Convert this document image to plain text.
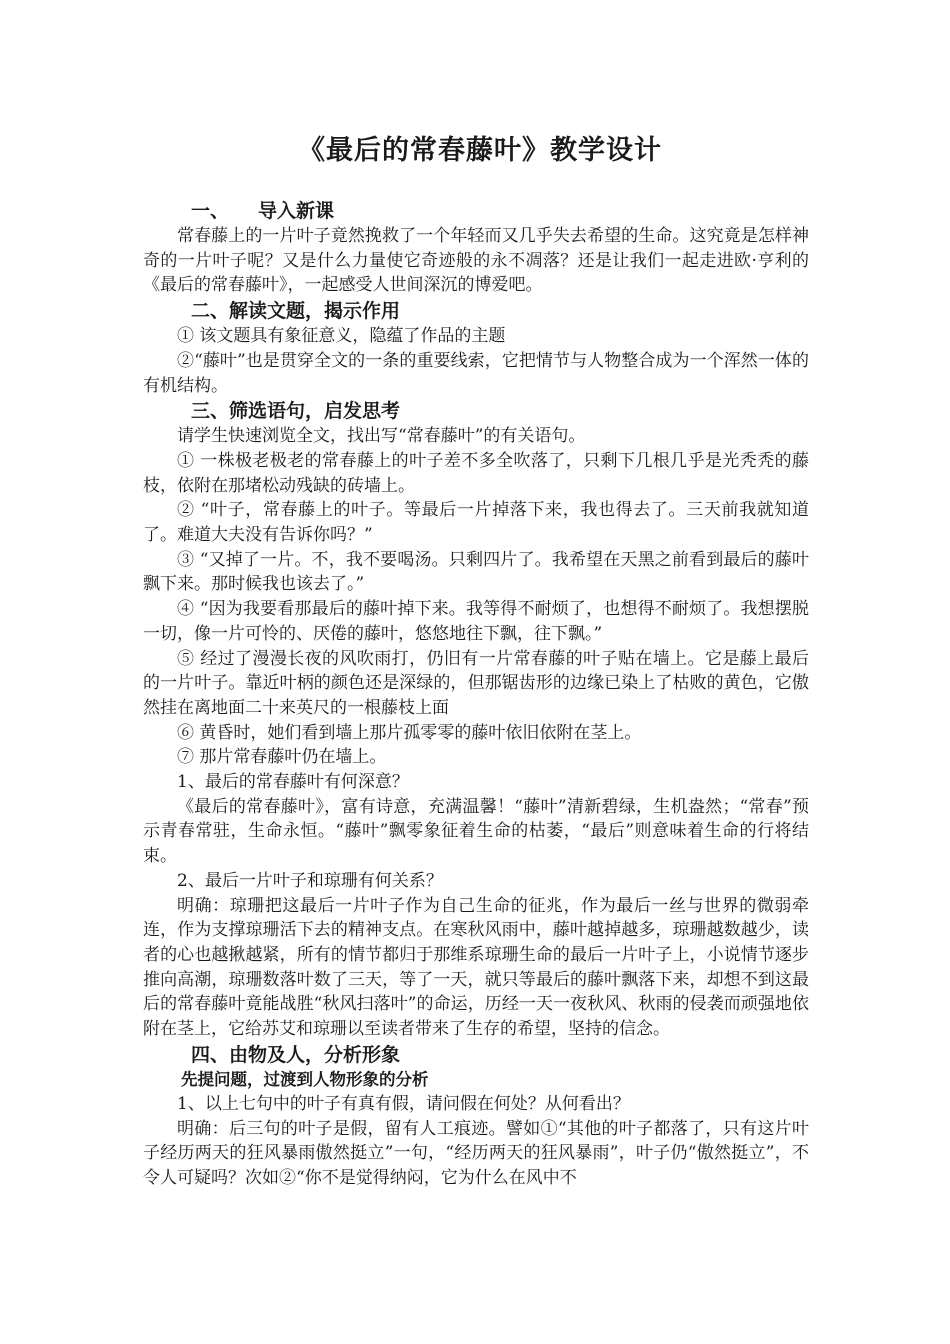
《最后的常春藤叶》教学设计
一、 导入新课

常春藤上的一片叶子竟然挽救了一个年轻而又几乎失去希望的生命。这究竟是怎样神奇的一片叶子呢？又是什么力量使它奇迹般的永不凋落？还是让我们一起走进欧·亨利的《最后的常春藤叶》，一起感受人世间深沉的博爱吧。

二、解读文题，揭示作用

① 该文题具有象征意义，隐蕴了作品的主题

②“藤叶”也是贯穿全文的一条的重要线索，它把情节与人物整合成为一个浑然一体的有机结构。

三、筛选语句，启发思考

请学生快速浏览全文，找出写“常春藤叶”的有关语句。

① 一株极老极老的常春藤上的叶子差不多全吹落了，只剩下几根几乎是光秃秃的藤枝，依附在那堵松动残缺的砖墙上。

② “叶子，常春藤上的叶子。等最后一片掉落下来，我也得去了。三天前我就知道了。难道大夫没有告诉你吗？”

③ “又掉了一片。不，我不要喝汤。只剩四片了。我希望在天黑之前看到最后的藤叶飘下来。那时候我也该去了。”

④ “因为我要看那最后的藤叶掉下来。我等得不耐烦了，也想得不耐烦了。我想摆脱一切，像一片可怜的、厌倦的藤叶，悠悠地往下飘，往下飘。”

⑤ 经过了漫漫长夜的风吹雨打，仍旧有一片常春藤的叶子贴在墙上。它是藤上最后的一片叶子。靠近叶柄的颜色还是深绿的，但那锯齿形的边缘已染上了枯败的黄色，它傲然挂在离地面二十来英尺的一根藤枝上面

⑥ 黄昏时，她们看到墙上那片孤零零的藤叶依旧依附在茎上。

⑦ 那片常春藤叶仍在墙上。

1、最后的常春藤叶有何深意？

《最后的常春藤叶》，富有诗意，充满温馨！“藤叶”清新碧绿，生机盎然；“常春”预示青春常驻，生命永恒。“藤叶”飘零象征着生命的枯萎，“最后”则意味着生命的行将结束。

2、最后一片叶子和琼珊有何关系？

明确：琼珊把这最后一片叶子作为自己生命的征兆，作为最后一丝与世界的微弱牵连，作为支撑琼珊活下去的精神支点。在寒秋风雨中，藤叶越掉越多，琼珊越数越少，读者的心也越揪越紧，所有的情节都归于那维系琼珊生命的最后一片叶子上，小说情节逐步推向高潮，琼珊数落叶数了三天，等了一天，就只等最后的藤叶飘落下来，却想不到这最后的常春藤叶竟能战胜“秋风扫落叶”的命运，历经一天一夜秋风、秋雨的侵袭而顽强地依附在茎上，它给苏艾和琼珊以至读者带来了生存的希望，坚持的信念。

四、由物及人，分析形象
先提问题，过渡到人物形象的分析

1、以上七句中的叶子有真有假，请问假在何处？从何看出？

明确：后三句的叶子是假，留有人工痕迹。譬如①“其他的叶子都落了，只有这片叶子经历两天的狂风暴雨傲然挺立”一句，“经历两天的狂风暴雨”，叶子仍“傲然挺立”，不令人可疑吗？次如②“你不是觉得纳闷，它为什么在风中不
